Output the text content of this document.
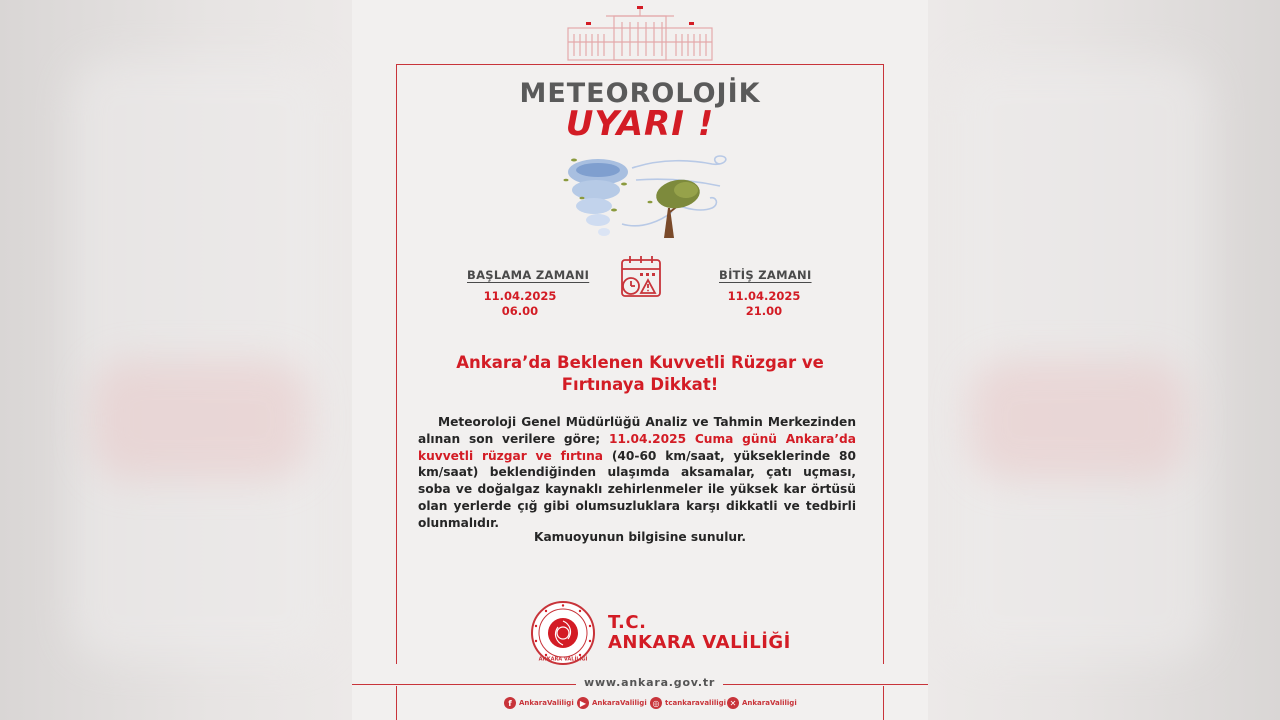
METEOROLOJİK
UYARI !
BAŞLAMA ZAMANI
11.04.2025
06.00
BİTİŞ ZAMANI
11.04.2025
21.00
Ankara’da Beklenen Kuvvetli Rüzgar ve
Fırtınaya Dikkat!
Meteoroloji Genel Müdürlüğü Analiz ve Tahmin Merkezinden alınan son verilere göre; 11.04.2025 Cuma günü Ankara’da kuvvetli rüzgar ve fırtına (40-60 km/saat, yükseklerinde 80 km/saat) beklendiğinden ulaşımda aksamalar, çatı uçması, soba ve doğalgaz kaynaklı zehirlenmeler ile yüksek kar örtüsü olan yerlerde çığ gibi olumsuzluklara karşı dikkatli ve tedbirli olunmalıdır.
Kamuoyunun bilgisine sunulur.
ANKARA VALİLİĞİ
T.C.
ANKARA VALİLİĞİ
www.ankara.gov.tr
f	AnkaraValiligi ▶ AnkaraValiligi ◎ tcankaravaliligi ✕ AnkaraValiligi
